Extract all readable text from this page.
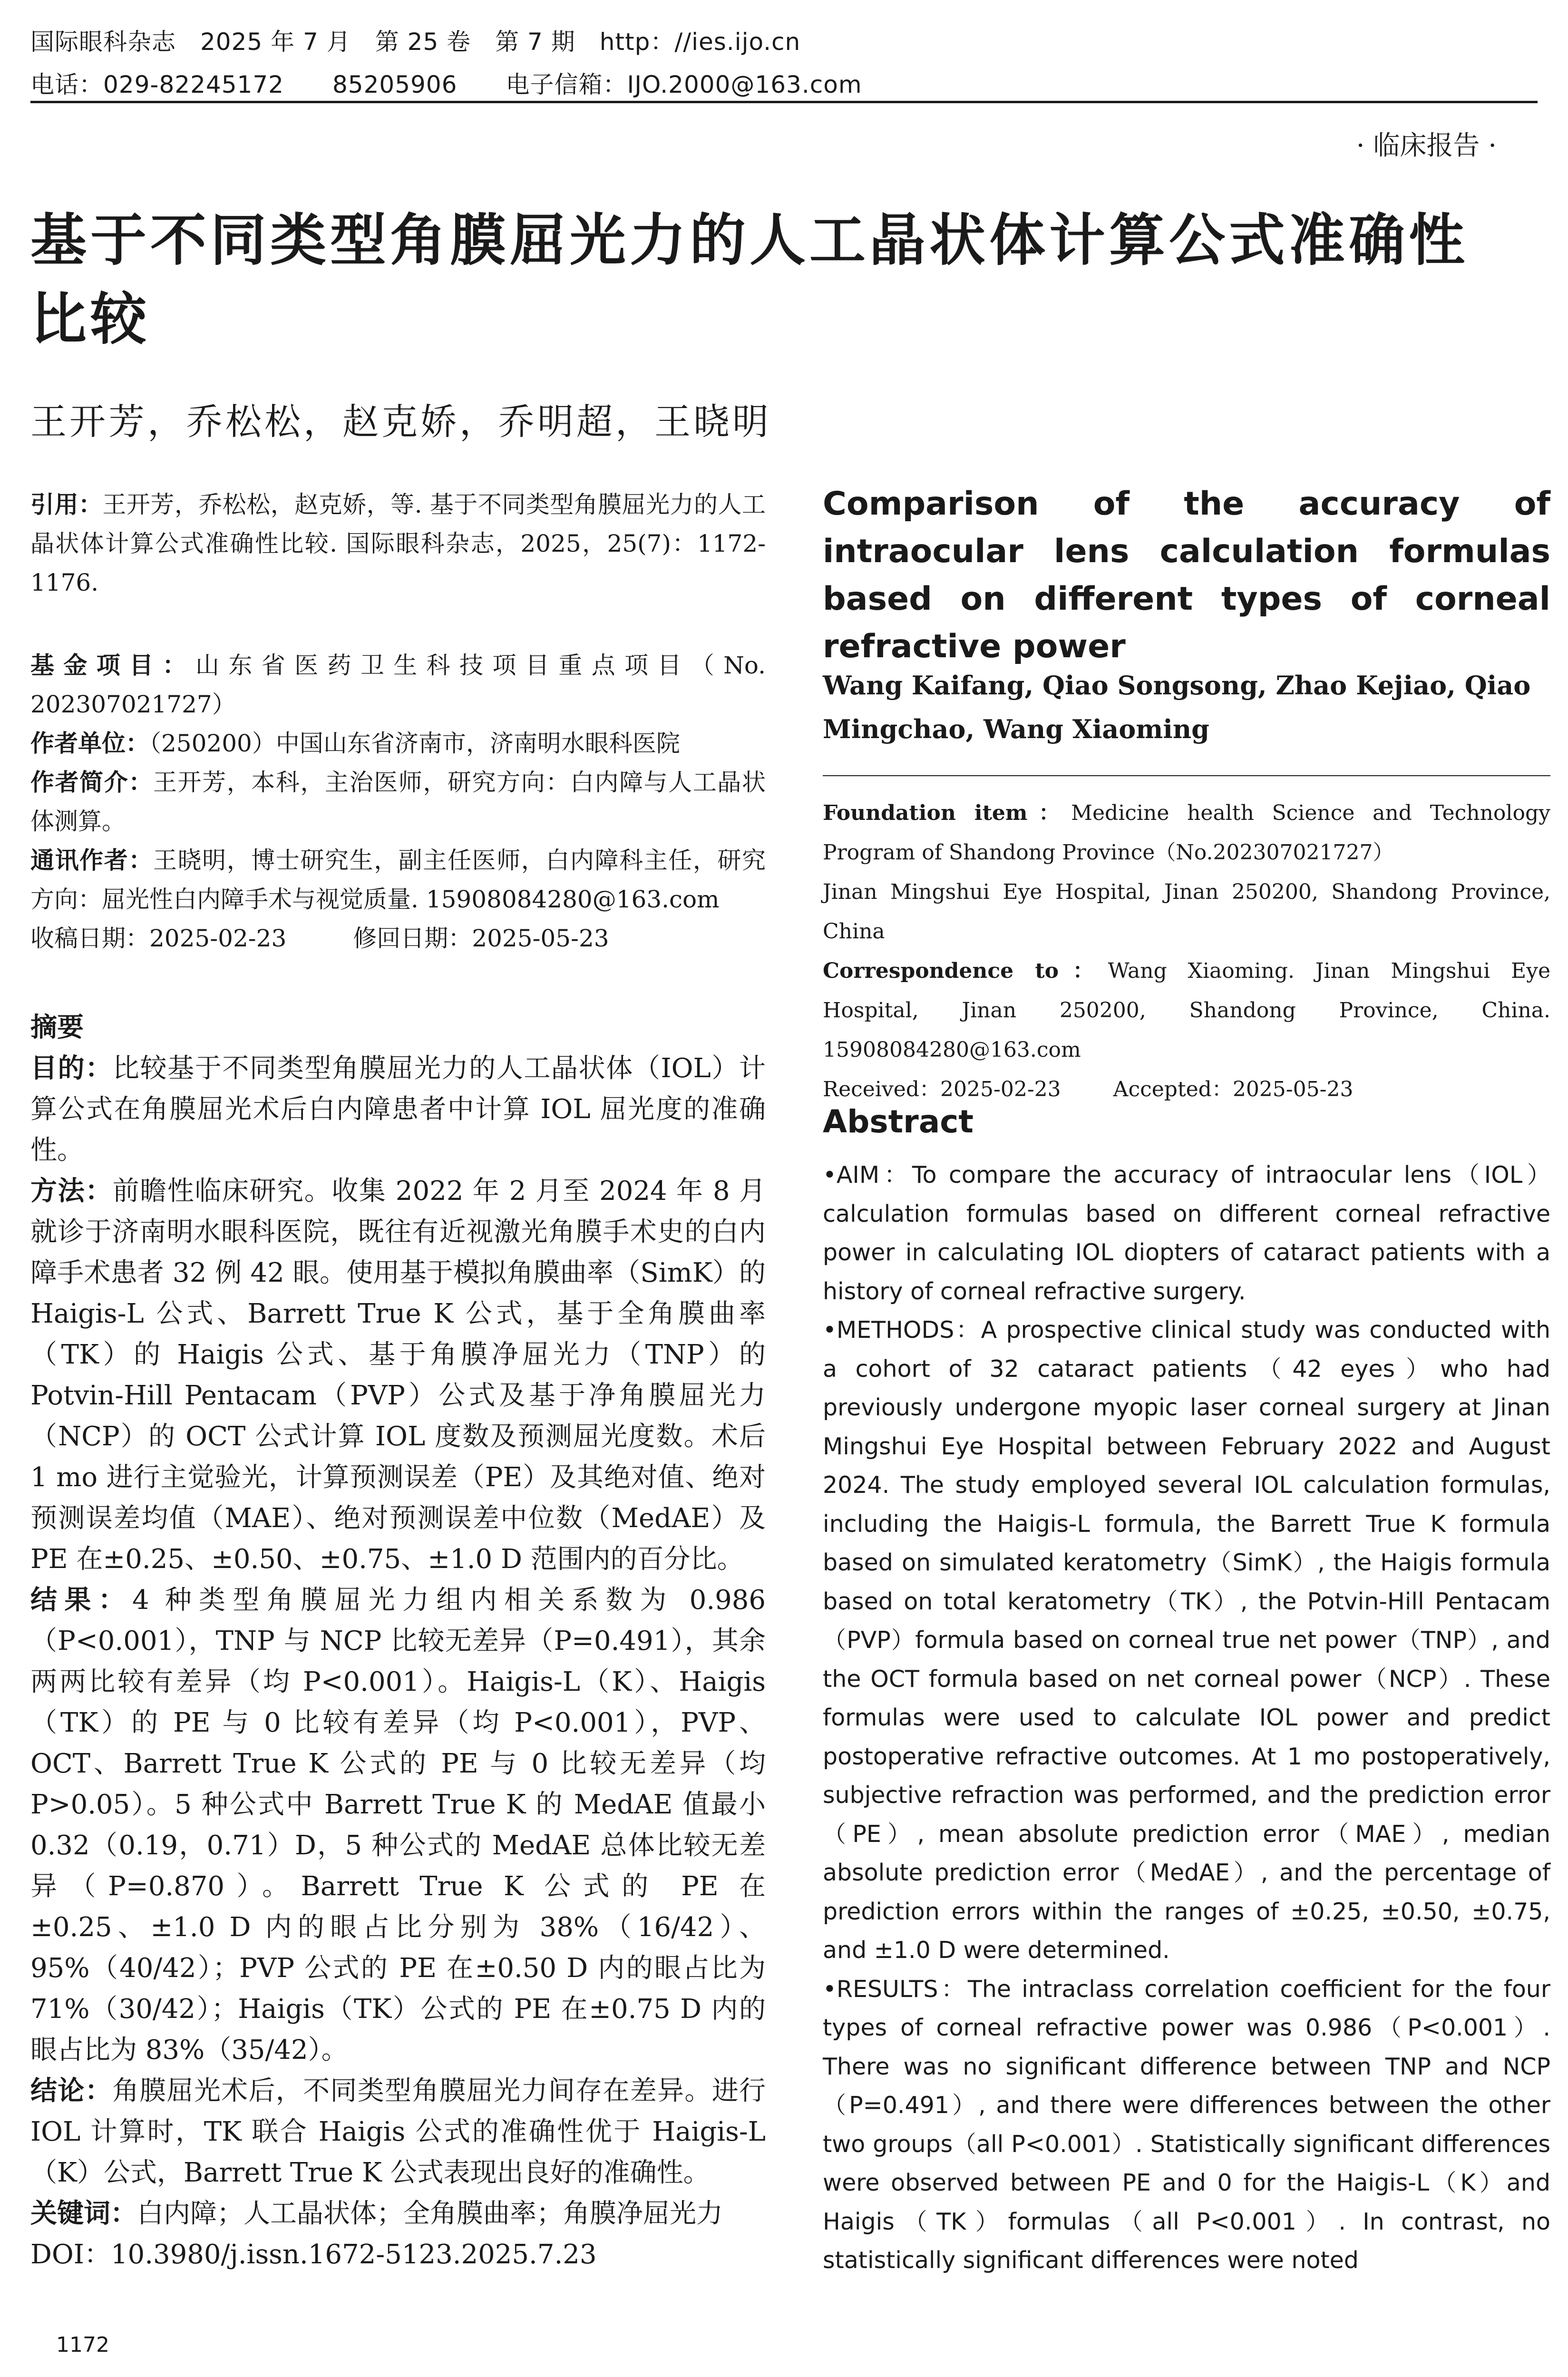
国际眼科杂志　2025 年 7 月　第 25 卷　第 7 期　http：//ies.ijo.cn
电话：029-82245172　　85205906　　电子信箱：IJO.2000@163.com
· 临床报告 ·
基于不同类型角膜屈光力的人工晶状体计算公式准确性
比较
王开芳，乔松松，赵克娇，乔明超，王晓明

引用：王开芳，乔松松，赵克娇，等. 基于不同类型角膜屈光力的人工晶状体计算公式准确性比较. 国际眼科杂志，2025，25(7)：1172-1176.

基金项目：山东省医药卫生科技项目重点项目（No. 202307021727）

作者单位：（250200）中国山东省济南市，济南明水眼科医院

作者简介：王开芳，本科，主治医师，研究方向：白内障与人工晶状体测算。

通讯作者：王晓明，博士研究生，副主任医师，白内障科主任，研究方向：屈光性白内障手术与视觉质量. 15908084280@163.com

收稿日期：2025-02-23	修回日期：2025-05-23

摘要

目的：比较基于不同类型角膜屈光力的人工晶状体（IOL）计算公式在角膜屈光术后白内障患者中计算 IOL 屈光度的准确性。

方法：前瞻性临床研究。收集 2022 年 2 月至 2024 年 8 月就诊于济南明水眼科医院，既往有近视激光角膜手术史的白内障手术患者 32 例 42 眼。使用基于模拟角膜曲率（SimK）的 Haigis-L 公式、Barrett True K 公式，基于全角膜曲率（TK）的 Haigis 公式、基于角膜净屈光力（TNP）的 Potvin-Hill Pentacam（PVP）公式及基于净角膜屈光力（NCP）的 OCT 公式计算 IOL 度数及预测屈光度数。术后 1 mo 进行主觉验光，计算预测误差（PE）及其绝对值、绝对预测误差均值（MAE）、绝对预测误差中位数（MedAE）及 PE 在±0.25、±0.50、±0.75、±1.0 D 范围内的百分比。

结果：4 种类型角膜屈光力组内相关系数为 0.986（P<0.001），TNP 与 NCP 比较无差异（P=0.491），其余两两比较有差异（均 P<0.001）。Haigis-L（K）、Haigis（TK）的 PE 与 0 比较有差异（均 P<0.001），PVP、OCT、Barrett True K 公式的 PE 与 0 比较无差异（均 P>0.05）。5 种公式中 Barrett True K 的 MedAE 值最小 0.32（0.19，0.71）D，5 种公式的 MedAE 总体比较无差异（P=0.870）。Barrett True K 公式的 PE 在±0.25、±1.0 D 内的眼占比分别为 38%（16/42）、95%（40/42）；PVP 公式的 PE 在±0.50 D 内的眼占比为 71%（30/42）；Haigis（TK）公式的 PE 在±0.75 D 内的眼占比为 83%（35/42）。

结论：角膜屈光术后，不同类型角膜屈光力间存在差异。进行 IOL 计算时，TK 联合 Haigis 公式的准确性优于 Haigis-L（K）公式，Barrett True K 公式表现出良好的准确性。

关键词：白内障；人工晶状体；全角膜曲率；角膜净屈光力

DOI：10.3980/j.issn.1672-5123.2025.7.23

Comparison of the accuracy of intraocular lens calculation formulas based on different types of corneal refractive power
Wang Kaifang, Qiao Songsong, Zhao Kejiao, Qiao Mingchao, Wang Xiaoming

Foundation item：Medicine health Science and Technology Program of Shandong Province（No.202307021727）

Jinan Mingshui Eye Hospital, Jinan 250200, Shandong Province, China

Correspondence to：Wang Xiaoming. Jinan Mingshui Eye Hospital, Jinan 250200, Shandong Province, China. 15908084280@163.com

Received：2025-02-23	Accepted：2025-05-23

Abstract

•AIM：To compare the accuracy of intraocular lens（IOL）calculation formulas based on different corneal refractive power in calculating IOL diopters of cataract patients with a history of corneal refractive surgery.

•METHODS：A prospective clinical study was conducted with a cohort of 32 cataract patients（42 eyes）who had previously undergone myopic laser corneal surgery at Jinan Mingshui Eye Hospital between February 2022 and August 2024. The study employed several IOL calculation formulas, including the Haigis-L formula, the Barrett True K formula based on simulated keratometry（SimK）, the Haigis formula based on total keratometry（TK）, the Potvin-Hill Pentacam（PVP）formula based on corneal true net power（TNP）, and the OCT formula based on net corneal power（NCP）. These formulas were used to calculate IOL power and predict postoperative refractive outcomes. At 1 mo postoperatively, subjective refraction was performed, and the prediction error（PE）, mean absolute prediction error（MAE）, median absolute prediction error（MedAE）, and the percentage of prediction errors within the ranges of ±0.25, ±0.50, ±0.75, and ±1.0 D were determined.

•RESULTS：The intraclass correlation coefficient for the four types of corneal refractive power was 0.986（P<0.001）. There was no significant difference between TNP and NCP（P=0.491）, and there were differences between the other two groups（all P<0.001）. Statistically significant differences were observed between PE and 0 for the Haigis-L（K）and Haigis（TK）formulas（all P<0.001）. In contrast, no statistically significant differences were noted

1172
